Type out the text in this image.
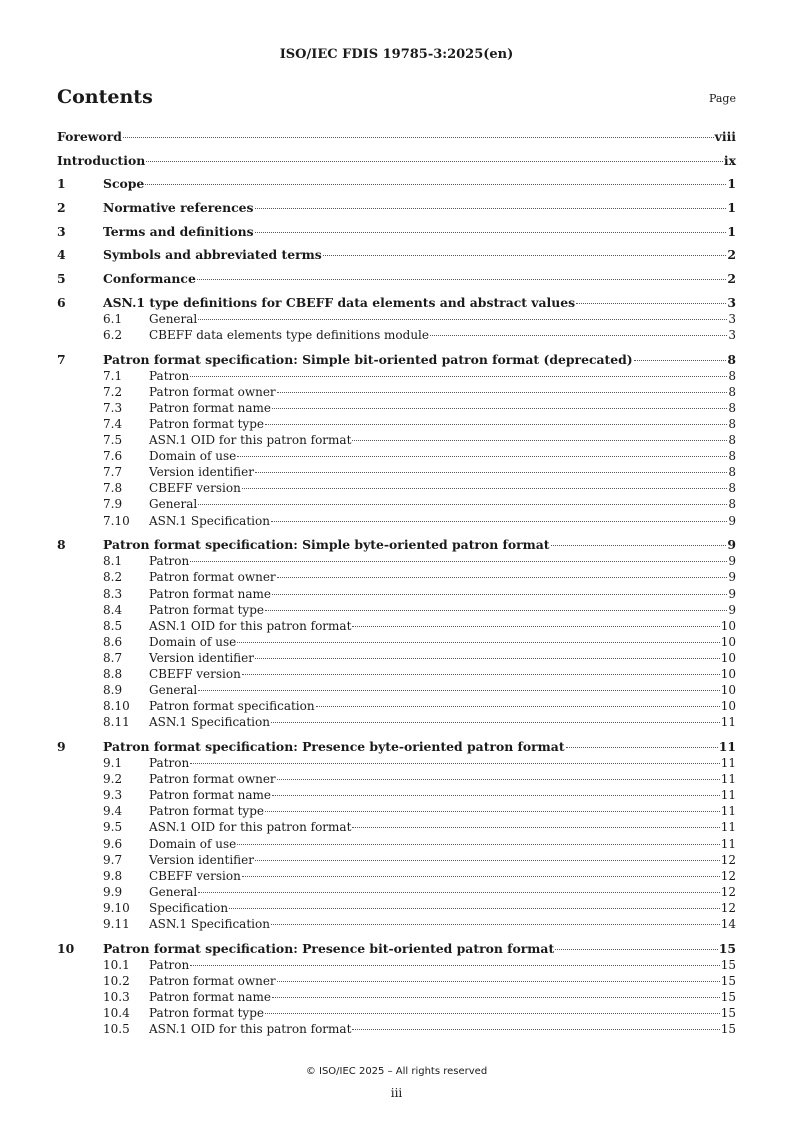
ISO/IEC FDIS 19785-3:2025(en)
Contents	Page
Foreword	viii
Introduction	ix
1	Scope	1
2	Normative references	1
3	Terms and definitions	1
4	Symbols and abbreviated terms	2
5	Conformance	2
6	ASN.1 type definitions for CBEFF data elements and abstract values	3
6.1	General	3
6.2	CBEFF data elements type definitions module	3
7	Patron format specification: Simple bit-oriented patron format (deprecated)	8
7.1	Patron	8
7.2	Patron format owner	8
7.3	Patron format name	8
7.4	Patron format type	8
7.5	ASN.1 OID for this patron format	8
7.6	Domain of use	8
7.7	Version identifier	8
7.8	CBEFF version	8
7.9	General	8
7.10	ASN.1 Specification	9
8	Patron format specification: Simple byte-oriented patron format	9
8.1	Patron	9
8.2	Patron format owner	9
8.3	Patron format name	9
8.4	Patron format type	9
8.5	ASN.1 OID for this patron format	10
8.6	Domain of use	10
8.7	Version identifier	10
8.8	CBEFF version	10
8.9	General	10
8.10	Patron format specification	10
8.11	ASN.1 Specification	11
9	Patron format specification: Presence byte-oriented patron format	11
9.1	Patron	11
9.2	Patron format owner	11
9.3	Patron format name	11
9.4	Patron format type	11
9.5	ASN.1 OID for this patron format	11
9.6	Domain of use	11
9.7	Version identifier	12
9.8	CBEFF version	12
9.9	General	12
9.10	Specification	12
9.11	ASN.1 Specification	14
10	Patron format specification: Presence bit-oriented patron format	15
10.1	Patron	15
10.2	Patron format owner	15
10.3	Patron format name	15
10.4	Patron format type	15
10.5	ASN.1 OID for this patron format	15
© ISO/IEC 2025 – All rights reserved
iii
